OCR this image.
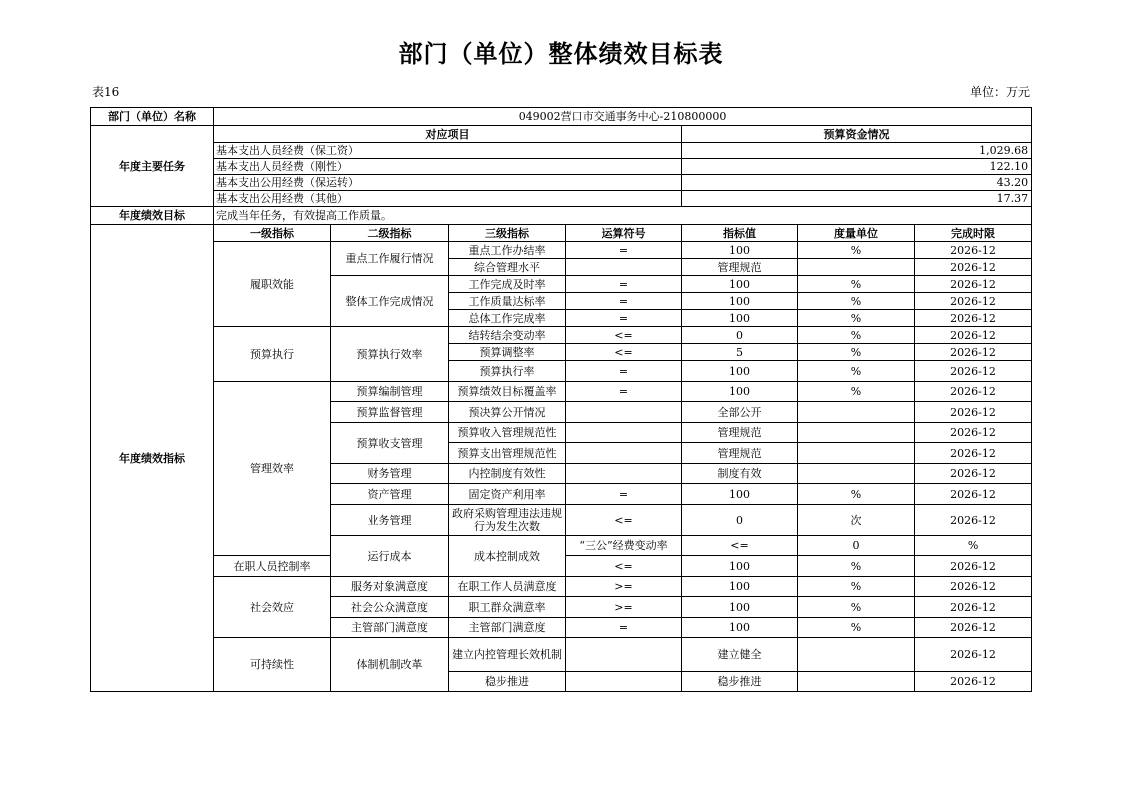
部门（单位）整体绩效目标表
表16	单位：万元
部门（单位）名称	049002营口市交通事务中心-210800000							
年度主要任务	对应项目				预算资金情况			
	基本支出人员经费（保工资）				1,029.68			
	基本支出人员经费（刚性）				122.10			
	基本支出公用经费（保运转）				43.20			
	基本支出公用经费（其他）				17.37			
年度绩效目标	完成当年任务，有效提高工作质量。							
年度绩效指标	一级指标	二级指标	三级指标	运算符号	指标值	度量单位	完成时限	
	履职效能	重点工作履行情况	重点工作办结率	=	100	%	2026-12	
			综合管理水平		管理规范		2026-12	
		整体工作完成情况	工作完成及时率	=	100	%	2026-12	
			工作质量达标率	=	100	%	2026-12	
			总体工作完成率	=	100	%	2026-12	
	预算执行	预算执行效率	结转结余变动率	<=	0	%	2026-12	
			预算调整率	<=	5	%	2026-12	
			预算执行率	=	100	%	2026-12	
	管理效率	预算编制管理	预算绩效目标覆盖率	=	100	%	2026-12	
		预算监督管理	预决算公开情况		全部公开		2026-12	
		预算收支管理	预算收入管理规范性		管理规范		2026-12	
			预算支出管理规范性		管理规范		2026-12	
		财务管理	内控制度有效性		制度有效		2026-12	
		资产管理	固定资产利用率	=	100	%	2026-12	
		业务管理	政府采购管理违法违规行为发生次数	<=	0	次	2026-12	
		运行成本	成本控制成效	“三公”经费变动率	<=	0	%	
	在职人员控制率			<=	100	%	2026-12	
	社会效应	服务对象满意度	在职工作人员满意度	>=	100	%	2026-12	
		社会公众满意度	职工群众满意率	>=	100	%	2026-12	
		主管部门满意度	主管部门满意度	=	100	%	2026-12	
	可持续性	体制机制改革	建立内控管理长效机制		建立健全		2026-12	
			稳步推进		稳步推进		2026-12	
